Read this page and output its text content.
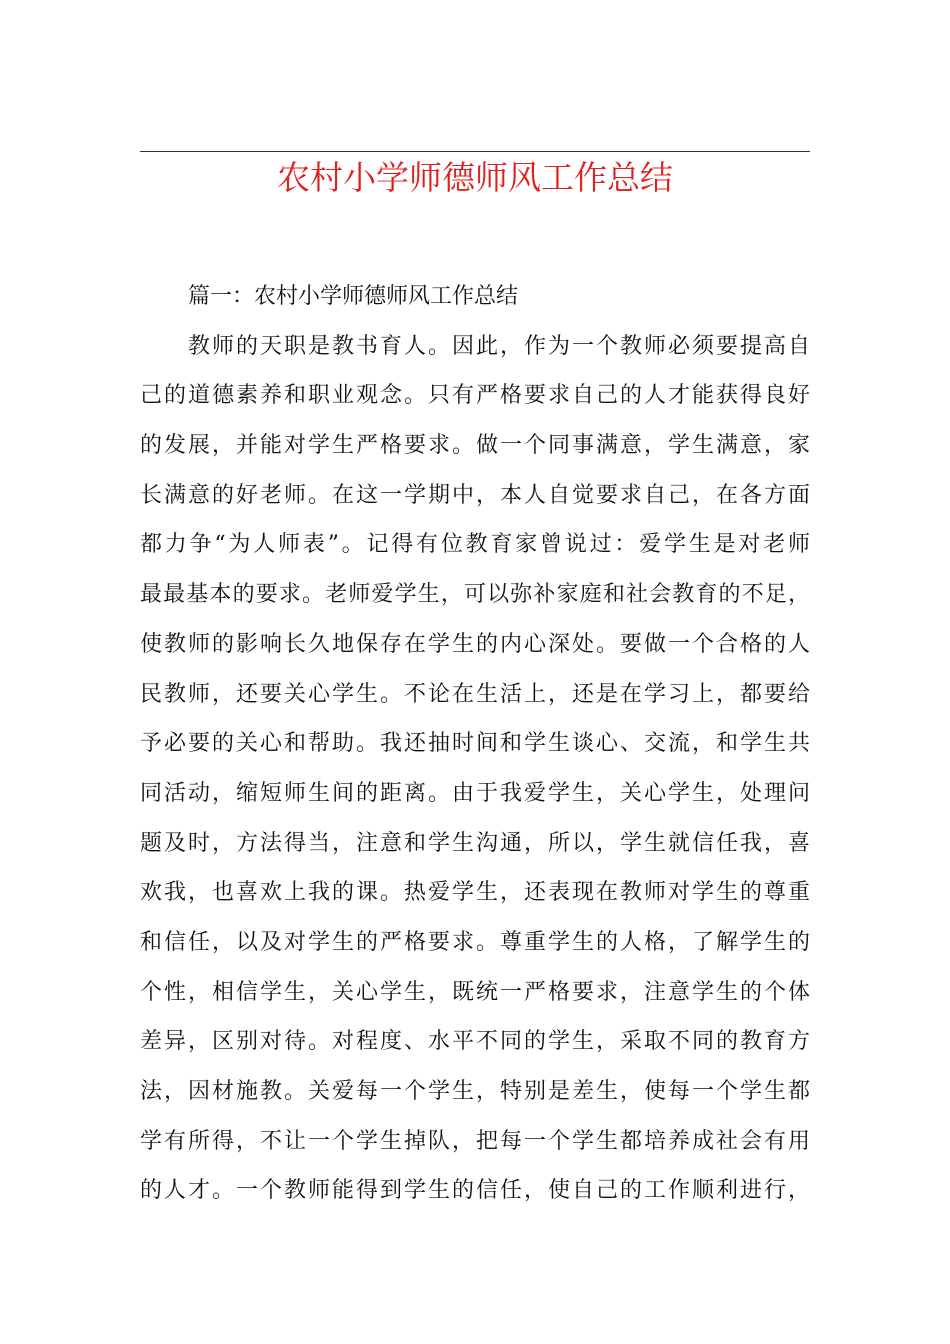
农村小学师德师风工作总结
篇一：农村小学师德师风工作总结
教师的天职是教书育人。因此，作为一个教师必须要提高自
己的道德素养和职业观念。只有严格要求自己的人才能获得良好
的发展，并能对学生严格要求。做一个同事满意，学生满意，家
长满意的好老师。在这一学期中，本人自觉要求自己，在各方面
都力争“为人师表”。记得有位教育家曾说过：爱学生是对老师
最最基本的要求。老师爱学生，可以弥补家庭和社会教育的不足，
使教师的影响长久地保存在学生的内心深处。要做一个合格的人
民教师，还要关心学生。不论在生活上，还是在学习上，都要给
予必要的关心和帮助。我还抽时间和学生谈心、交流，和学生共
同活动，缩短师生间的距离。由于我爱学生，关心学生，处理问
题及时，方法得当，注意和学生沟通，所以，学生就信任我，喜
欢我，也喜欢上我的课。热爱学生，还表现在教师对学生的尊重
和信任，以及对学生的严格要求。尊重学生的人格，了解学生的
个性，相信学生，关心学生，既统一严格要求，注意学生的个体
差异，区别对待。对程度、水平不同的学生，采取不同的教育方
法，因材施教。关爱每一个学生，特别是差生，使每一个学生都
学有所得，不让一个学生掉队，把每一个学生都培养成社会有用
的人才。一个教师能得到学生的信任，使自己的工作顺利进行，
